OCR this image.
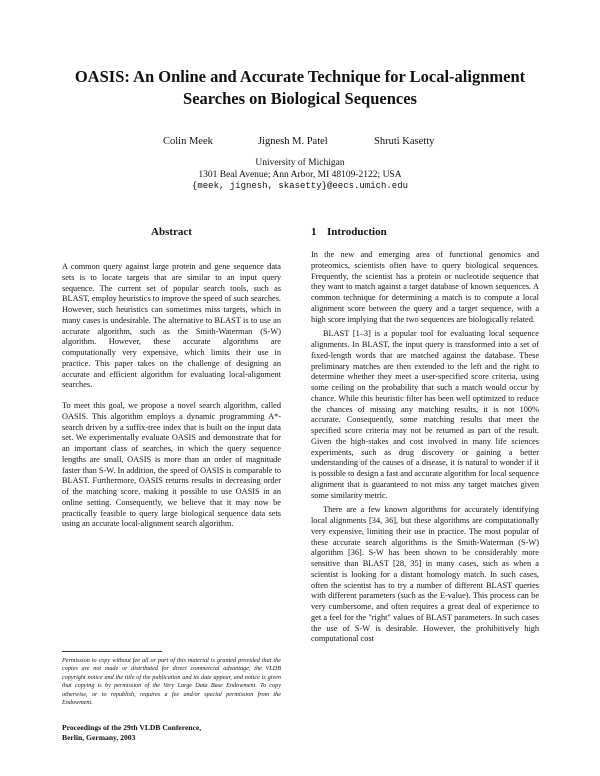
OASIS: An Online and Accurate Technique for Local-alignment
Searches on Biological Sequences
Colin Meek	Jignesh M. Patel	Shruti Kasetty
University of Michigan
1301 Beal Avenue; Ann Arbor, MI 48109-2122; USA
{meek, jignesh, skasetty}@eecs.umich.edu
Abstract

A common query against large protein and gene sequence data sets is to locate targets that are similar to an input query sequence. The current set of popular search tools, such as BLAST, employ heuristics to improve the speed of such searches. However, such heuristics can sometimes miss targets, which in many cases is undesirable. The alternative to BLAST is to use an accurate algorithm, such as the Smith-Waterman (S-W) algorithm. However, these accurate algorithms are computationally very expensive, which limits their use in practice. This paper takes on the challenge of designing an accurate and efficient algorithm for evaluating local-alignment searches.

To meet this goal, we propose a novel search algorithm, called OASIS. This algorithm employs a dynamic programming A*-search driven by a suffix-tree index that is built on the input data set. We experimentally evaluate OASIS and demonstrate that for an important class of searches, in which the query sequence lengths are small, OASIS is more than an order of magnitude faster than S-W. In addition, the speed of OASIS is comparable to BLAST. Furthermore, OASIS returns results in decreasing order of the matching score, making it possible to use OASIS in an online setting. Consequently, we believe that it may now be practically feasible to query large biological sequence data sets using an accurate local-alignment search algorithm.

Permission to copy without fee all or part of this material is granted provided that the copies are not made or distributed for direct commercial advantage, the VLDB copyright notice and the title of the publication and its date appear, and notice is given that copying is by permission of the Very Large Data Base Endowment. To copy otherwise, or to republish, requires a fee and/or special permission from the Endowment.
Proceedings of the 29th VLDB Conference,
Berlin, Germany, 2003
1 Introduction

In the new and emerging area of functional genomics and proteomics, scientists often have to query biological sequences. Frequently, the scientist has a protein or nucleotide sequence that they want to match against a target database of known sequences. A common technique for determining a match is to compute a local alignment score between the query and a target sequence, with a high score implying that the two sequences are biologically related.

BLAST [1–3] is a popular tool for evaluating local sequence alignments. In BLAST, the input query is transformed into a set of fixed-length words that are matched against the database. These preliminary matches are then extended to the left and the right to determine whether they meet a user-specified score criteria, using some ceiling on the probability that such a match would occur by chance. While this heuristic filter has been well optimized to reduce the chances of missing any matching results, it is not 100% accurate. Consequently, some matching results that meet the specified score criteria may not be returned as part of the result. Given the high-stakes and cost involved in many life sciences experiments, such as drug discovery or gaining a better understanding of the causes of a disease, it is natural to wonder if it is possible to design a fast and accurate algorithm for local sequence alignment that is guaranteed to not miss any target matches given some similarity metric.

There are a few known algorithms for accurately identifying local alignments [34, 36], but these algorithms are computationally very expensive, limiting their use in practice. The most popular of these accurate search algorithms is the Smith-Waterman (S-W) algorithm [36]. S-W has been shown to be considerably more sensitive than BLAST [28, 35] in many cases, such as when a scientist is looking for a distant homology match. In such cases, often the scientist has to try a number of different BLAST queries with different parameters (such as the E-value). This process can be very cumbersome, and often requires a great deal of experience to get a feel for the "right" values of BLAST parameters. In such cases the use of S-W is desirable. However, the prohibitively high computational cost
